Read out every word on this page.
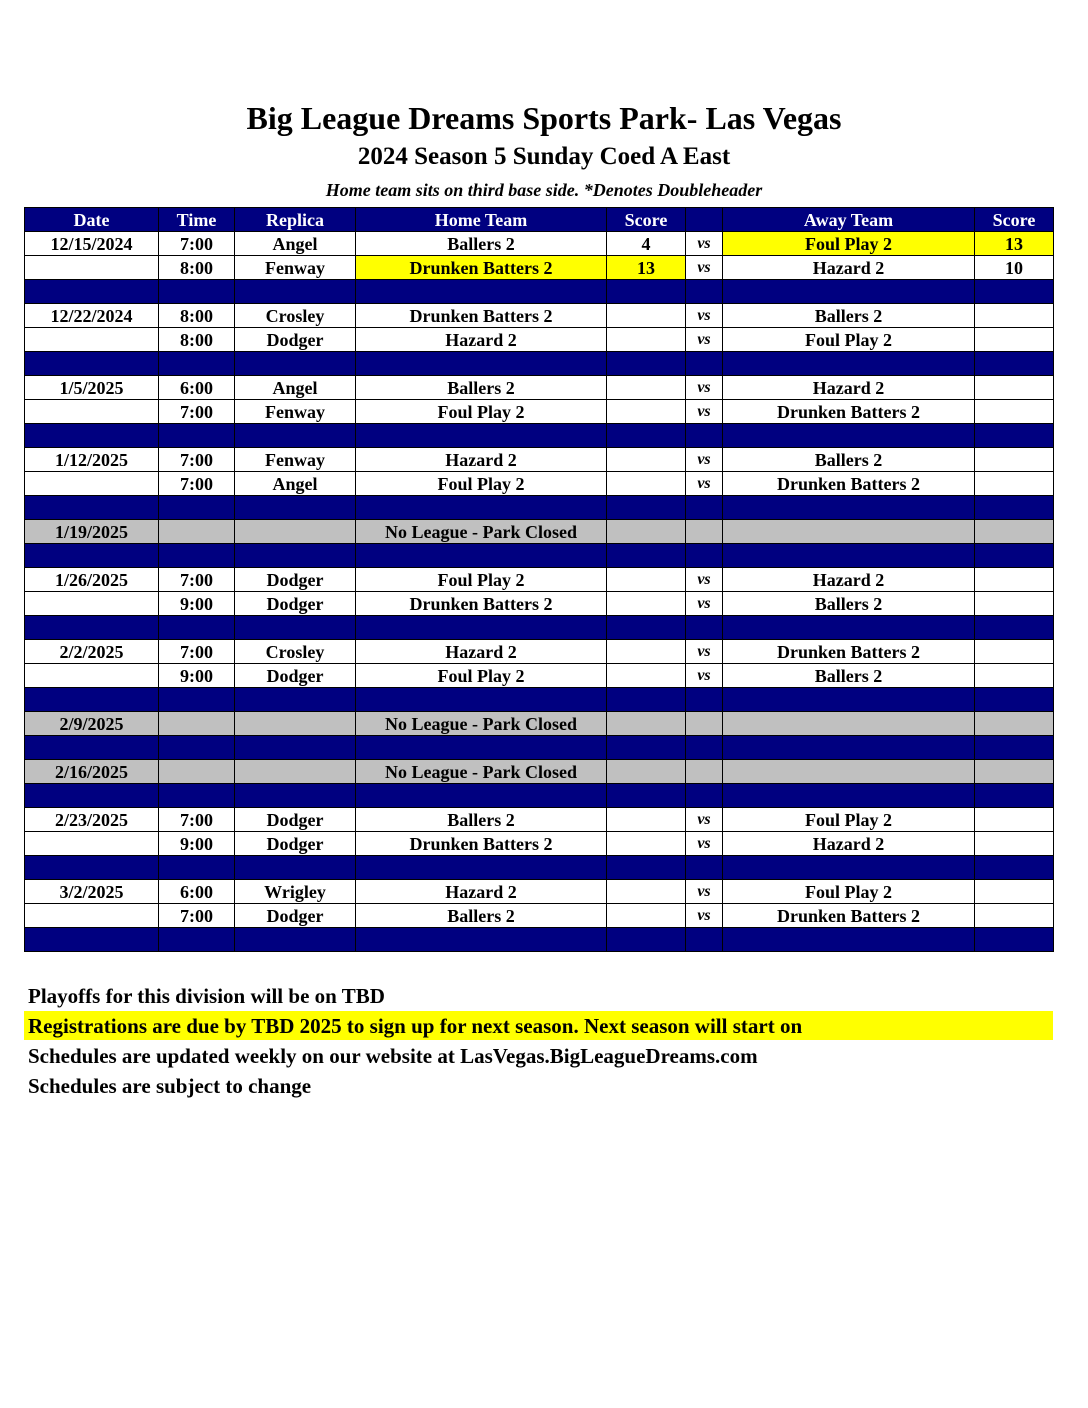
Big League Dreams Sports Park- Las Vegas
2024 Season 5 Sunday Coed A East
Home team sits on third base side. *Denotes Doubleheader
Date	Time	Replica	Home Team	Score		Away Team	Score
12/15/2024	7:00	Angel	Ballers 2	4	vs	Foul Play 2	13
	8:00	Fenway	Drunken Batters 2	13	vs	Hazard 2	10

12/22/2024	8:00	Crosley	Drunken Batters 2		vs	Ballers 2	
	8:00	Dodger	Hazard 2		vs	Foul Play 2	

1/5/2025	6:00	Angel	Ballers 2		vs	Hazard 2	
	7:00	Fenway	Foul Play 2		vs	Drunken Batters 2	

1/12/2025	7:00	Fenway	Hazard 2		vs	Ballers 2	
	7:00	Angel	Foul Play 2		vs	Drunken Batters 2	

1/19/2025			No League - Park Closed				

1/26/2025	7:00	Dodger	Foul Play 2		vs	Hazard 2	
	9:00	Dodger	Drunken Batters 2		vs	Ballers 2	

2/2/2025	7:00	Crosley	Hazard 2		vs	Drunken Batters 2	
	9:00	Dodger	Foul Play 2		vs	Ballers 2	

2/9/2025			No League - Park Closed				

2/16/2025			No League - Park Closed				

2/23/2025	7:00	Dodger	Ballers 2		vs	Foul Play 2	
	9:00	Dodger	Drunken Batters 2		vs	Hazard 2	

3/2/2025	6:00	Wrigley	Hazard 2		vs	Foul Play 2	
	7:00	Dodger	Ballers 2		vs	Drunken Batters 2	

Playoffs for this division will be on TBD
Registrations are due by TBD 2025 to sign up for next season. Next season will start on
Schedules are updated weekly on our website at LasVegas.BigLeagueDreams.com
Schedules are subject to change
